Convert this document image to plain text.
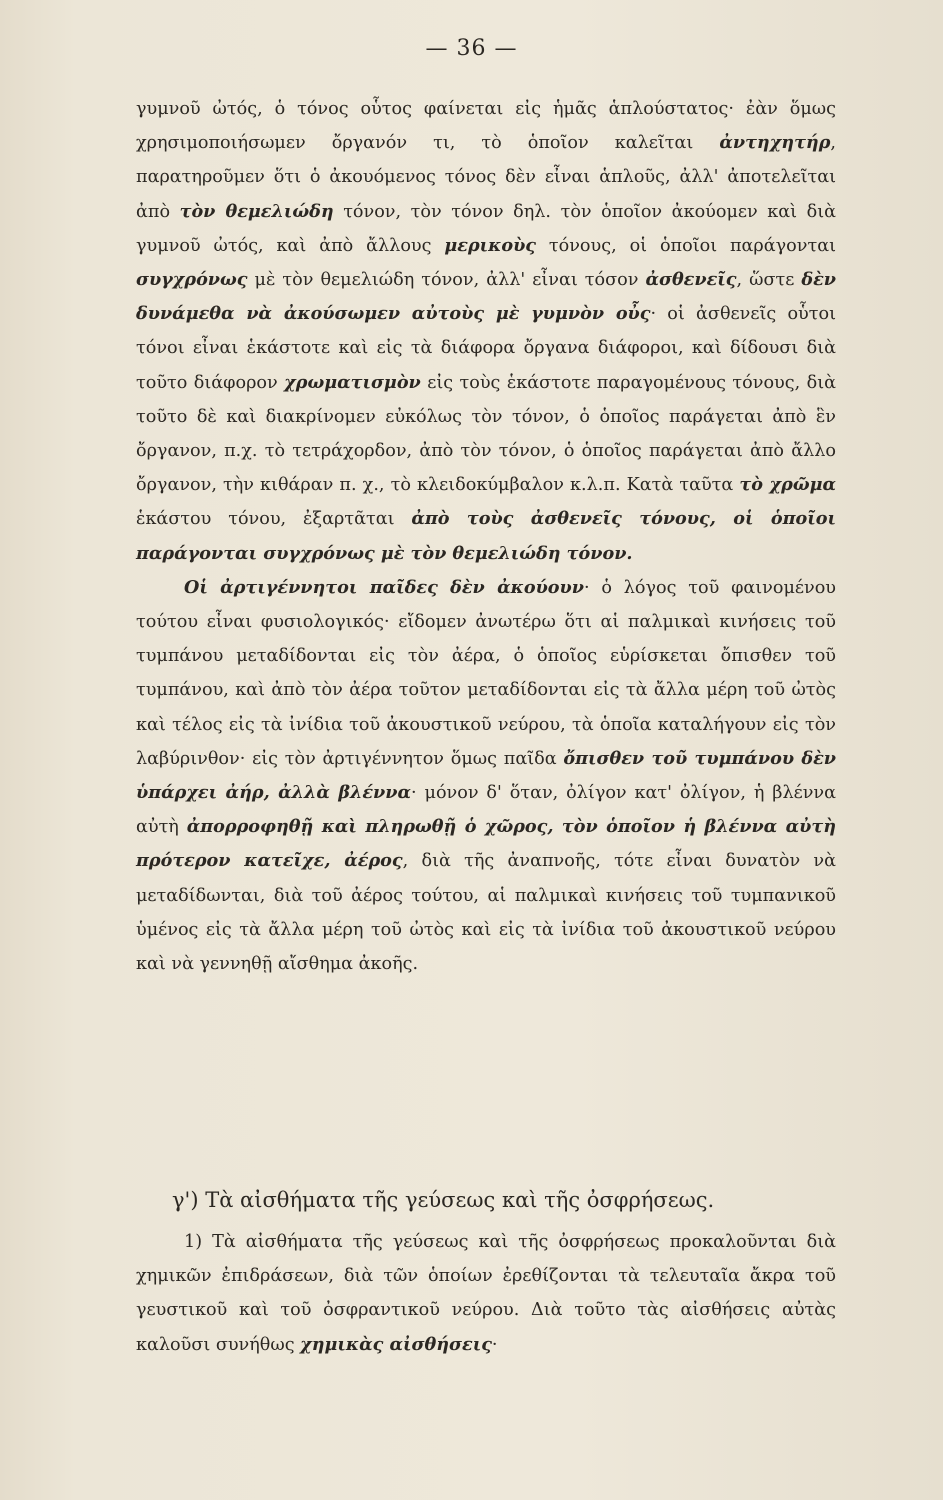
— 36 —

γυμνοῦ ὠτός, ὁ τόνος οὗτος φαίνεται εἰς ἡμᾶς ἁπλούστατος· ἐὰν ὅμως χρησιμοποιήσωμεν ὄργανόν τι, τὸ ὁποῖον καλεῖται ἀντηχητήρ, παρατηροῦμεν ὅτι ὁ ἀκουόμενος τόνος δὲν εἶναι ἁπλοῦς, ἀλλ' ἀποτελεῖται ἀπὸ τὸν θεμελιώδη τόνον, τὸν τόνον δηλ. τὸν ὁποῖον ἀκούομεν καὶ διὰ γυμνοῦ ὠτός, καὶ ἀπὸ ἄλλους μερικοὺς τόνους, οἱ ὁποῖοι παράγονται συγχρόνως μὲ τὸν θεμελιώδη τόνον, ἀλλ' εἶναι τόσον ἀσθενεῖς, ὥστε δὲν δυνάμεθα νὰ ἀκούσωμεν αὐτοὺς μὲ γυμνὸν οὖς· οἱ ἀσθενεῖς οὗτοι τόνοι εἶναι ἑκάστοτε καὶ εἰς τὰ διάφορα ὄργανα διάφοροι, καὶ δίδουσι διὰ τοῦτο διάφορον χρωματισμὸν εἰς τοὺς ἑκάστοτε παραγομένους τόνους, διὰ τοῦτο δὲ καὶ διακρίνομεν εὐκόλως τὸν τόνον, ὁ ὁποῖος παράγεται ἀπὸ ἓν ὄργανον, π.χ. τὸ τετράχορδον, ἀπὸ τὸν τόνον, ὁ ὁποῖος παράγεται ἀπὸ ἄλλο ὄργανον, τὴν κιθάραν π. χ., τὸ κλειδοκύμβαλον κ.λ.π. Κατὰ ταῦτα τὸ χρῶμα ἑκάστου τόνου, ἐξαρτᾶται ἀπὸ τοὺς ἀσθενεῖς τόνους, οἱ ὁποῖοι παράγονται συγχρόνως μὲ τὸν θεμελιώδη τόνον.

Οἱ ἀρτιγέννητοι παῖδες δὲν ἀκούουν· ὁ λόγος τοῦ φαινομένου τούτου εἶναι φυσιολογικός· εἴδομεν ἀνωτέρω ὅτι αἱ παλμικαὶ κινήσεις τοῦ τυμπάνου μεταδίδονται εἰς τὸν ἀέρα, ὁ ὁποῖος εὑρίσκεται ὄπισθεν τοῦ τυμπάνου, καὶ ἀπὸ τὸν ἀέρα τοῦτον μεταδίδονται εἰς τὰ ἄλλα μέρη τοῦ ὠτὸς καὶ τέλος εἰς τὰ ἰνίδια τοῦ ἀκουστικοῦ νεύρου, τὰ ὁποῖα καταλήγουν εἰς τὸν λαβύρινθον· εἰς τὸν ἀρτιγέννητον ὅμως παῖδα ὄπισθεν τοῦ τυμπάνου δὲν ὑπάρχει ἀήρ, ἀλλὰ βλέννα· μόνον δ' ὅταν, ὀλίγον κατ' ὀλίγον, ἡ βλέννα αὐτὴ ἀπορροφηθῇ καὶ πληρωθῇ ὁ χῶρος, τὸν ὁποῖον ἡ βλέννα αὐτὴ πρότερον κατεῖχε, ἀέρος, διὰ τῆς ἀναπνοῆς, τότε εἶναι δυνατὸν νὰ μεταδίδωνται, διὰ τοῦ ἀέρος τούτου, αἱ παλμικαὶ κινήσεις τοῦ τυμπανικοῦ ὑμένος εἰς τὰ ἄλλα μέρη τοῦ ὠτὸς καὶ εἰς τὰ ἰνίδια τοῦ ἀκουστικοῦ νεύρου καὶ νὰ γεννηθῇ αἴσθημα ἀκοῆς.

γ') Τὰ αἰσθήματα τῆς γεύσεως καὶ τῆς ὀσφρήσεως.

1) Τὰ αἰσθήματα τῆς γεύσεως καὶ τῆς ὀσφρήσεως προκαλοῦνται διὰ χημικῶν ἐπιδράσεων, διὰ τῶν ὁποίων ἐρεθίζονται τὰ τελευταῖα ἄκρα τοῦ γευστικοῦ καὶ τοῦ ὀσφραντικοῦ νεύρου. Διὰ τοῦτο τὰς αἰσθήσεις αὐτὰς καλοῦσι συνήθως χημικὰς αἰσθήσεις·
